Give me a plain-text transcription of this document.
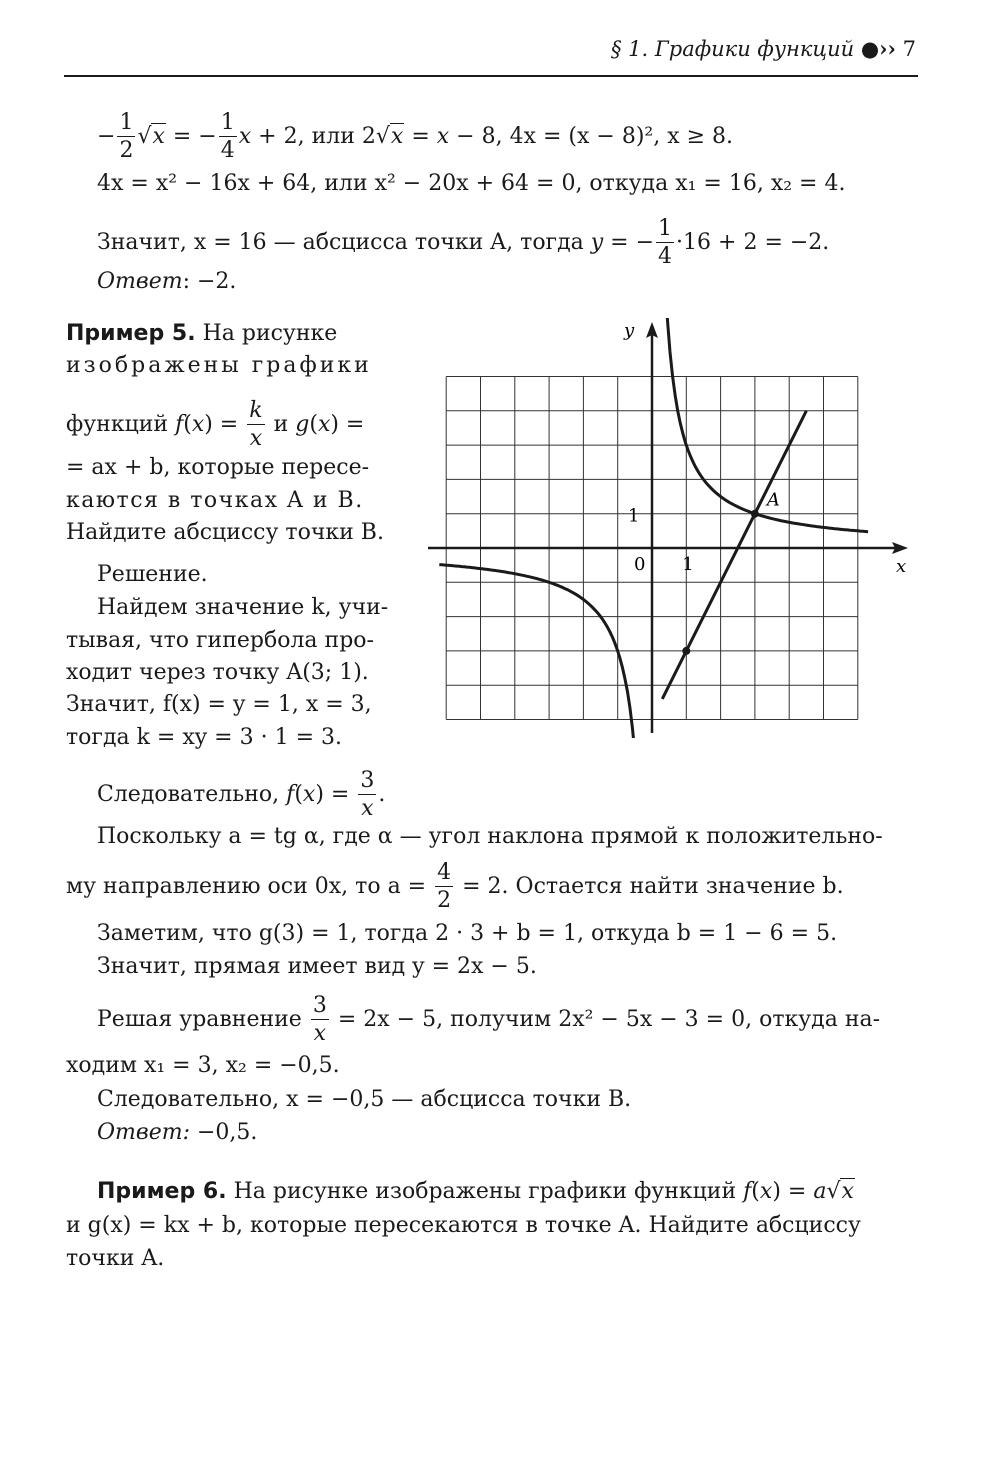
§ 1. Графики функций ●›› 7
− $\frac{1}{2} √x$ = − $\frac{1}{4}$ x + 2, или 2√x = x − 8, 4x = (x − 8)², x ≥ 8.
4x = x² − 16x + 64, или x² − 20x + 64 = 0, откуда x₁ = 16, x₂ = 4.
Значит, x = 16 — абсцисса точки A, тогда y = − $\frac{1}{4} \cdot 16 + 2 = -2$.
Ответ: −2.
Пример 5. На рисунке
изображены графики
функций $f(x) = \frac{k}{x}$ и g(x) =
= ax + b, которые пересе-
каются в точках A и B.
Найдите абсциссу точки B.
Решение.
Найдем значение k, учи-
тывая, что гипербола про-
ходит через точку A(3; 1).
Значит, f(x) = y = 1, x = 3,
тогда k = xy = 3 · 1 = 3.
Следовательно, $f(x) = \frac{3}{x}$ .
y
x
0 1
1
A
Поскольку a = tg α, где α — угол наклона прямой к положительно-
му направлению оси 0x, то $a = \frac{4}{2} = 2$. Остается найти значение b.
Заметим, что g(3) = 1, тогда 2 · 3 + b = 1, откуда b = 1 − 6 = 5.
Значит, прямая имеет вид y = 2x − 5.
Решая уравнение $\frac{3}{x} = 2x - 5$, получим 2x² − 5x − 3 = 0, откуда на-
ходим x₁ = 3, x₂ = −0,5.
Следовательно, x = −0,5 — абсцисса точки B.
Ответ: −0,5.
Пример 6. На рисунке изображены графики функций f(x) = a√x
и g(x) = kx + b, которые пересекаются в точке A. Найдите абсциссу
точки A.
